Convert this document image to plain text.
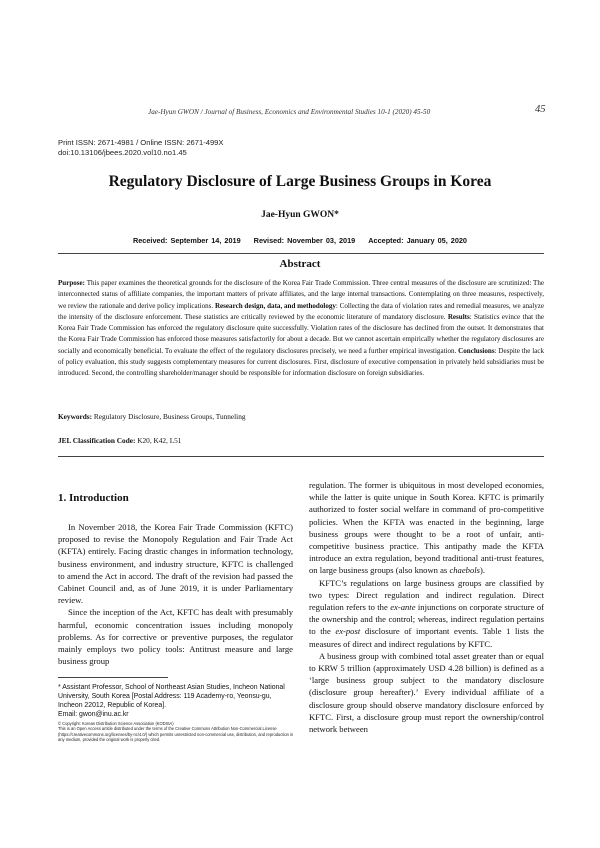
Jae-Hyun GWON / Journal of Business, Economics and Environmental Studies 10-1 (2020) 45-50	45
Print ISSN: 2671-4981 / Online ISSN: 2671-499X
doi:10.13106/jbees.2020.vol10.no1.45
Regulatory Disclosure of Large Business Groups in Korea
Jae-Hyun GWON*
Received: September 14, 2019 Revised: November 03, 2019 Accepted: January 05, 2020
Abstract
Purpose: This paper examines the theoretical grounds for the disclosure of the Korea Fair Trade Commission. Three central measures of the disclosure are scrutinized: The interconnected status of affiliate companies, the important matters of private affiliates, and the large internal transactions. Contemplating on three measures, respectively, we review the rationale and derive policy implications. Research design, data, and methodology: Collecting the data of violation rates and remedial measures, we analyze the intensity of the disclosure enforcement. These statistics are critically reviewed by the economic literature of mandatory disclosure. Results: Statistics evince that the Korea Fair Trade Commission has enforced the regulatory disclosure quite successfully. Violation rates of the disclosure has declined from the outset. It demonstrates that the Korea Fair Trade Commission has enforced those measures satisfactorily for about a decade. But we cannot ascertain empirically whether the regulatory disclosures are socially and economically beneficial. To evaluate the effect of the regulatory disclosures precisely, we need a further empirical investigation. Conclusions: Despite the lack of policy evaluation, this study suggests complementary measures for current disclosures. First, disclosure of executive compensation in privately held subsidiaries must be introduced. Second, the controlling shareholder/manager should be responsible for information disclosure on foreign subsidiaries.
Keywords: Regulatory Disclosure, Business Groups, Tunneling
JEL Classification Code: K20, K42, L51
1. Introduction

In November 2018, the Korea Fair Trade Commission (KFTC) proposed to revise the Monopoly Regulation and Fair Trade Act (KFTA) entirely. Facing drastic changes in information technology, business environment, and industry structure, KFTC is challenged to amend the Act in accord. The draft of the revision had passed the Cabinet Council and, as of June 2019, it is under Parliamentary review.

Since the inception of the Act, KFTC has dealt with presumably harmful, economic concentration issues including monopoly problems. As for corrective or preventive purposes, the regulator mainly employs two policy tools: Antitrust measure and large business group

regulation. The former is ubiquitous in most developed economies, while the latter is quite unique in South Korea. KFTC is primarily authorized to foster social welfare in command of pro-competitive policies. When the KFTA was enacted in the beginning, large business groups were thought to be a root of unfair, anti-competitive business practice. This antipathy made the KFTA introduce an extra regulation, beyond traditional anti-trust features, on large business groups (also known as chaebols).

KFTC’s regulations on large business groups are classified by two types: Direct regulation and indirect regulation. Direct regulation refers to the ex-ante injunctions on corporate structure of the ownership and the control; whereas, indirect regulation pertains to the ex-post disclosure of important events. Table 1 lists the measures of direct and indirect regulations by KFTC.

A business group with combined total asset greater than or equal to KRW 5 trillion (approximately USD 4.28 billion) is defined as a ‘large business group subject to the mandatory disclosure (disclosure group hereafter).’ Every individual affiliate of a disclosure group should observe mandatory disclosure enforced by KFTC. First, a disclosure group must report the ownership/control network between

* Assistant Professor, School of Northeast Asian Studies, Incheon National University, South Korea [Postal Address: 119 Academy-ro, Yeonsu-gu, Incheon 22012, Republic of Korea].
Email: gwon@inu.ac.kr
© Copyright: Korean Distribution Science Association (KODISA)
This is an Open Access article distributed under the terms of the Creative Commons Attribution Non-Commercial License (https://creativecommons.org/licenses/by-nc/4.0/) which permits unrestricted non-commercial use, distribution, and reproduction in any medium, provided the original work is properly cited.
